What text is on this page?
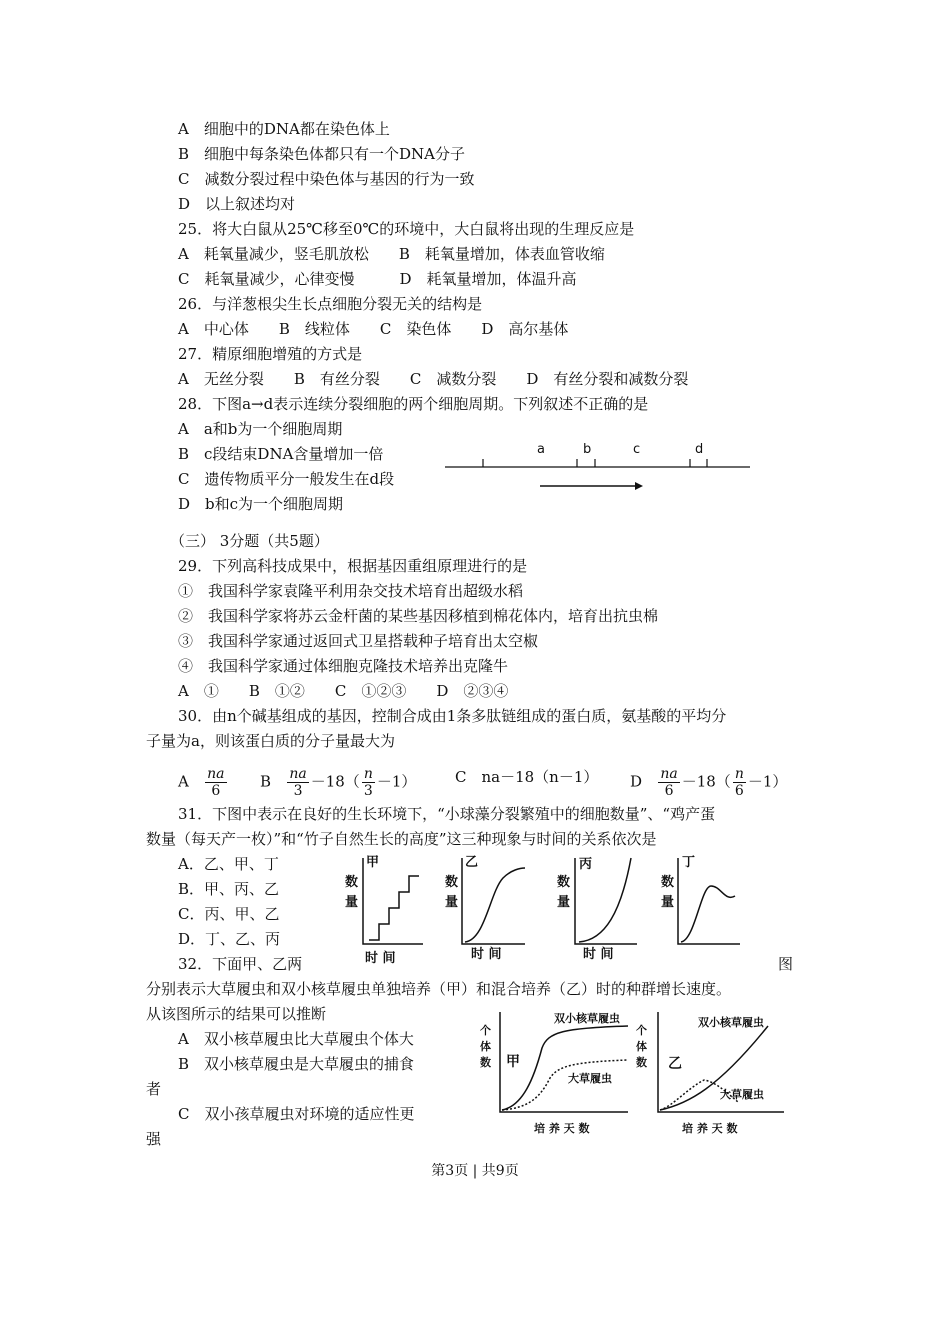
A　细胞中的DNA都在染色体上
B　细胞中每条染色体都只有一个DNA分子
C　减数分裂过程中染色体与基因的行为一致
D　以上叙述均对
25．将大白鼠从25℃移至0℃的环境中，大白鼠将出现的生理反应是
A　耗氧量减少，竖毛肌放松　　B　耗氧量增加，体表血管收缩
C　耗氧量减少，心律变慢　　　D　耗氧量增加，体温升高
26．与洋葱根尖生长点细胞分裂无关的结构是
A　中心体　　B　线粒体　　C　染色体　　D　高尔基体
27．精原细胞增殖的方式是
A　无丝分裂　　B　有丝分裂　　C　减数分裂　　D　有丝分裂和减数分裂
28．下图a→d表示连续分裂细胞的两个细胞周期。下列叙述不正确的是
A　a和b为一个细胞周期
B　c段结束DNA含量增加一倍
C　遗传物质平分一般发生在d段
D　b和c为一个细胞周期
a	b	c	d
（三） 3分题（共5题）
29．下列高科技成果中，根据基因重组原理进行的是
①　我国科学家袁隆平利用杂交技术培育出超级水稻
②　我国科学家将苏云金杆菌的某些基因移植到棉花体内，培育出抗虫棉
③　我国科学家通过返回式卫星搭载种子培育出太空椒
④　我国科学家通过体细胞克隆技术培养出克隆牛
A　①　　B　①②　　C　①②③　　D　②③④
30．由n个碱基组成的基因，控制合成由1条多肽链组成的蛋白质，氨基酸的平均分
子量为a，则该蛋白质的分子量最大为
A $\frac{na}{6}$ B $\frac{na}{3} -18( \frac{n}{3} -1)$	C　na－18（n－1） D $\frac{na}{6} -18( \frac{n}{6} -1)$
31．下图中表示在良好的生长环境下，“小球藻分裂繁殖中的细胞数量”、“鸡产蛋
数量（每天产一枚）”和“竹子自然生长的高度”这三种现象与时间的关系依次是
A．乙、甲、丁
B．甲、丙、乙
C．丙、甲、乙
D．丁、乙、丙
甲	乙	丙	丁
数
量
数
量
数
量
数
量
时 间	时 间	时 间
32．下面甲、乙两	图
分别表示大草履虫和双小核草履虫单独培养（甲）和混合培养（乙）时的种群增长速度。
从该图所示的结果可以推断
A　双小核草履虫比大草履虫个体大
B　双小核草履虫是大草履虫的捕食
者
C　双小孩草履虫对环境的适应性更
强
个
体
数
个
体
数
甲	乙
双小核草履虫
大草履虫
双小核草履虫
大草履虫
培 养 天 数	培 养 天 数
第3页 | 共9页
